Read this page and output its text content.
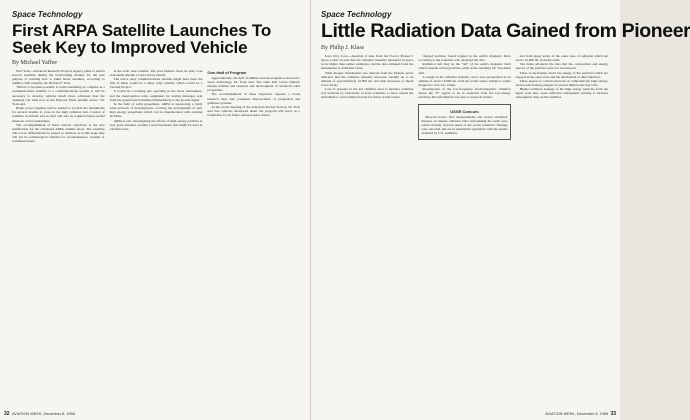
Space Technology
First ARPA Satellite Launches To Seek Key to Improved Vehicle
By Michael Yaffee

New York—Advanced Research Projects Agency plans to launch several satellites during the forthcoming months for the sole purpose of learning how to build better satellites, according to ARPA's chief scientist, Dr. Herbert F. York.

"Before it becomes possible to build something as complex as a communications satellite or a communications system, it will be necessary to develop vehicles much more advanced than the 'spinning can' kind now in the Explorer Earth satellite series," Dr. York said.

Better power supplies will be needed to provide the instruments for several months to years in the high radiation belt. Control of satellites in attitude and in orbit will also be required before useful missions can be undertaken.

The accomplishment of these various objectives is the sole justification for the scheduled ARPA satellite shots. The satellites will not be differentiated in respect to mission, as at this stage they will not be technological vehicles for reconnaissance, weather or communications.

in the solar wise satellite. The pose hitherto been, he said, took reasonable amount of tests before launch.

The active relay communications satellite might have been the first of these would be a delay relay satellite which would be a Verdant Project.

It would be a tracking site operating in the lower atmosphere, and the interrogation relay equipment for storing messages sent from the ground and transmitted immediately to the ground signal.

In the field of solid propellants, ARPA is sponsoring a fairly wide network of investigations covering the development of new high energy propellants which can be manufactured with existing facilities.

ARPA is also investigating the effects of high energy particles at very great altitudes, leading toward hardware that might be used in satellites later.

One-Half of Program

Approximately one-half of ARPA's current program is devoted to space technology, Dr. York said. The other half covers ballistic missile defense and research and development of advanced solid propellants.

The accomplishment of these objectives requires a broad research base and continued improvement of propulsion and guidance systems.

At the recent meeting of the American Rocket Society, Dr. York said that vehicles developed under the program will serve as a foundation for all future national space efforts.

AVIATION WEEK, December 8, 1958
32
Space Technology
Little Radiation Data Gained from Pioneer
By Philip J. Klass

Iowa City, Iowa—Analysis of data from Air Force's Pioneer I moon rocket reveals that the radiation intensity measured in space is far higher than earlier estimates, and the data obtained from the instruments is of limited value.

What meager information was derived from the Pioneer probe indicates that the radiation intensity increases steadily up to an altitude of approximately 10,000 mi. and then decreases to much lower levels.

Loss of pressure in the ion chamber used to measure radiation was believed by University of Iowa scientists to have caused the instrument to read radiation levels far below actual values.

charged particles found trapped in the earth's magnetic field, according to the scientists who analyzed the data.

Radiation belt may be the "tail" of the earth's magnetic field which extends well beyond the orbits of the satellites, Dr. Van Allen said.

A trough in the radiation intensity curve was encountered at an altitude of about 10,000 mi. from the earth, where radiation counts dropped to very low values.

Investigation of the low-frequency electromagnetic radiation shows the "E" region to be as expected from the low-energy particles; this information was sent to research centers.

USSR Concurs

Moscow-Soviet IGY measurements and Soviet scientists' theories on intense radiation belts surrounding the earth were stated recently. Several series of the soviet scientists' findings were reported and are in substantial agreement with the results obtained by U.S. satellites.

and from upper levels of the outer zone of radiation which are above 10,000 mi. from the earth.

Van Allen advanced the idea that the composition and energy spectra of the particles were not well known.

There is uncertainty about the energy of the particles which are trapped in the outer zone and the mechanism of their injection.

These appear to contain electrons of comparatively high energy, and protons having energies of several million electron volts.

Higher radiation leakage of the high energy particles from the upper zone may cause sufficient atmospheric heating to increase atmospheric drag on the satellites.

AVIATION WEEK, December 8, 1958 33
